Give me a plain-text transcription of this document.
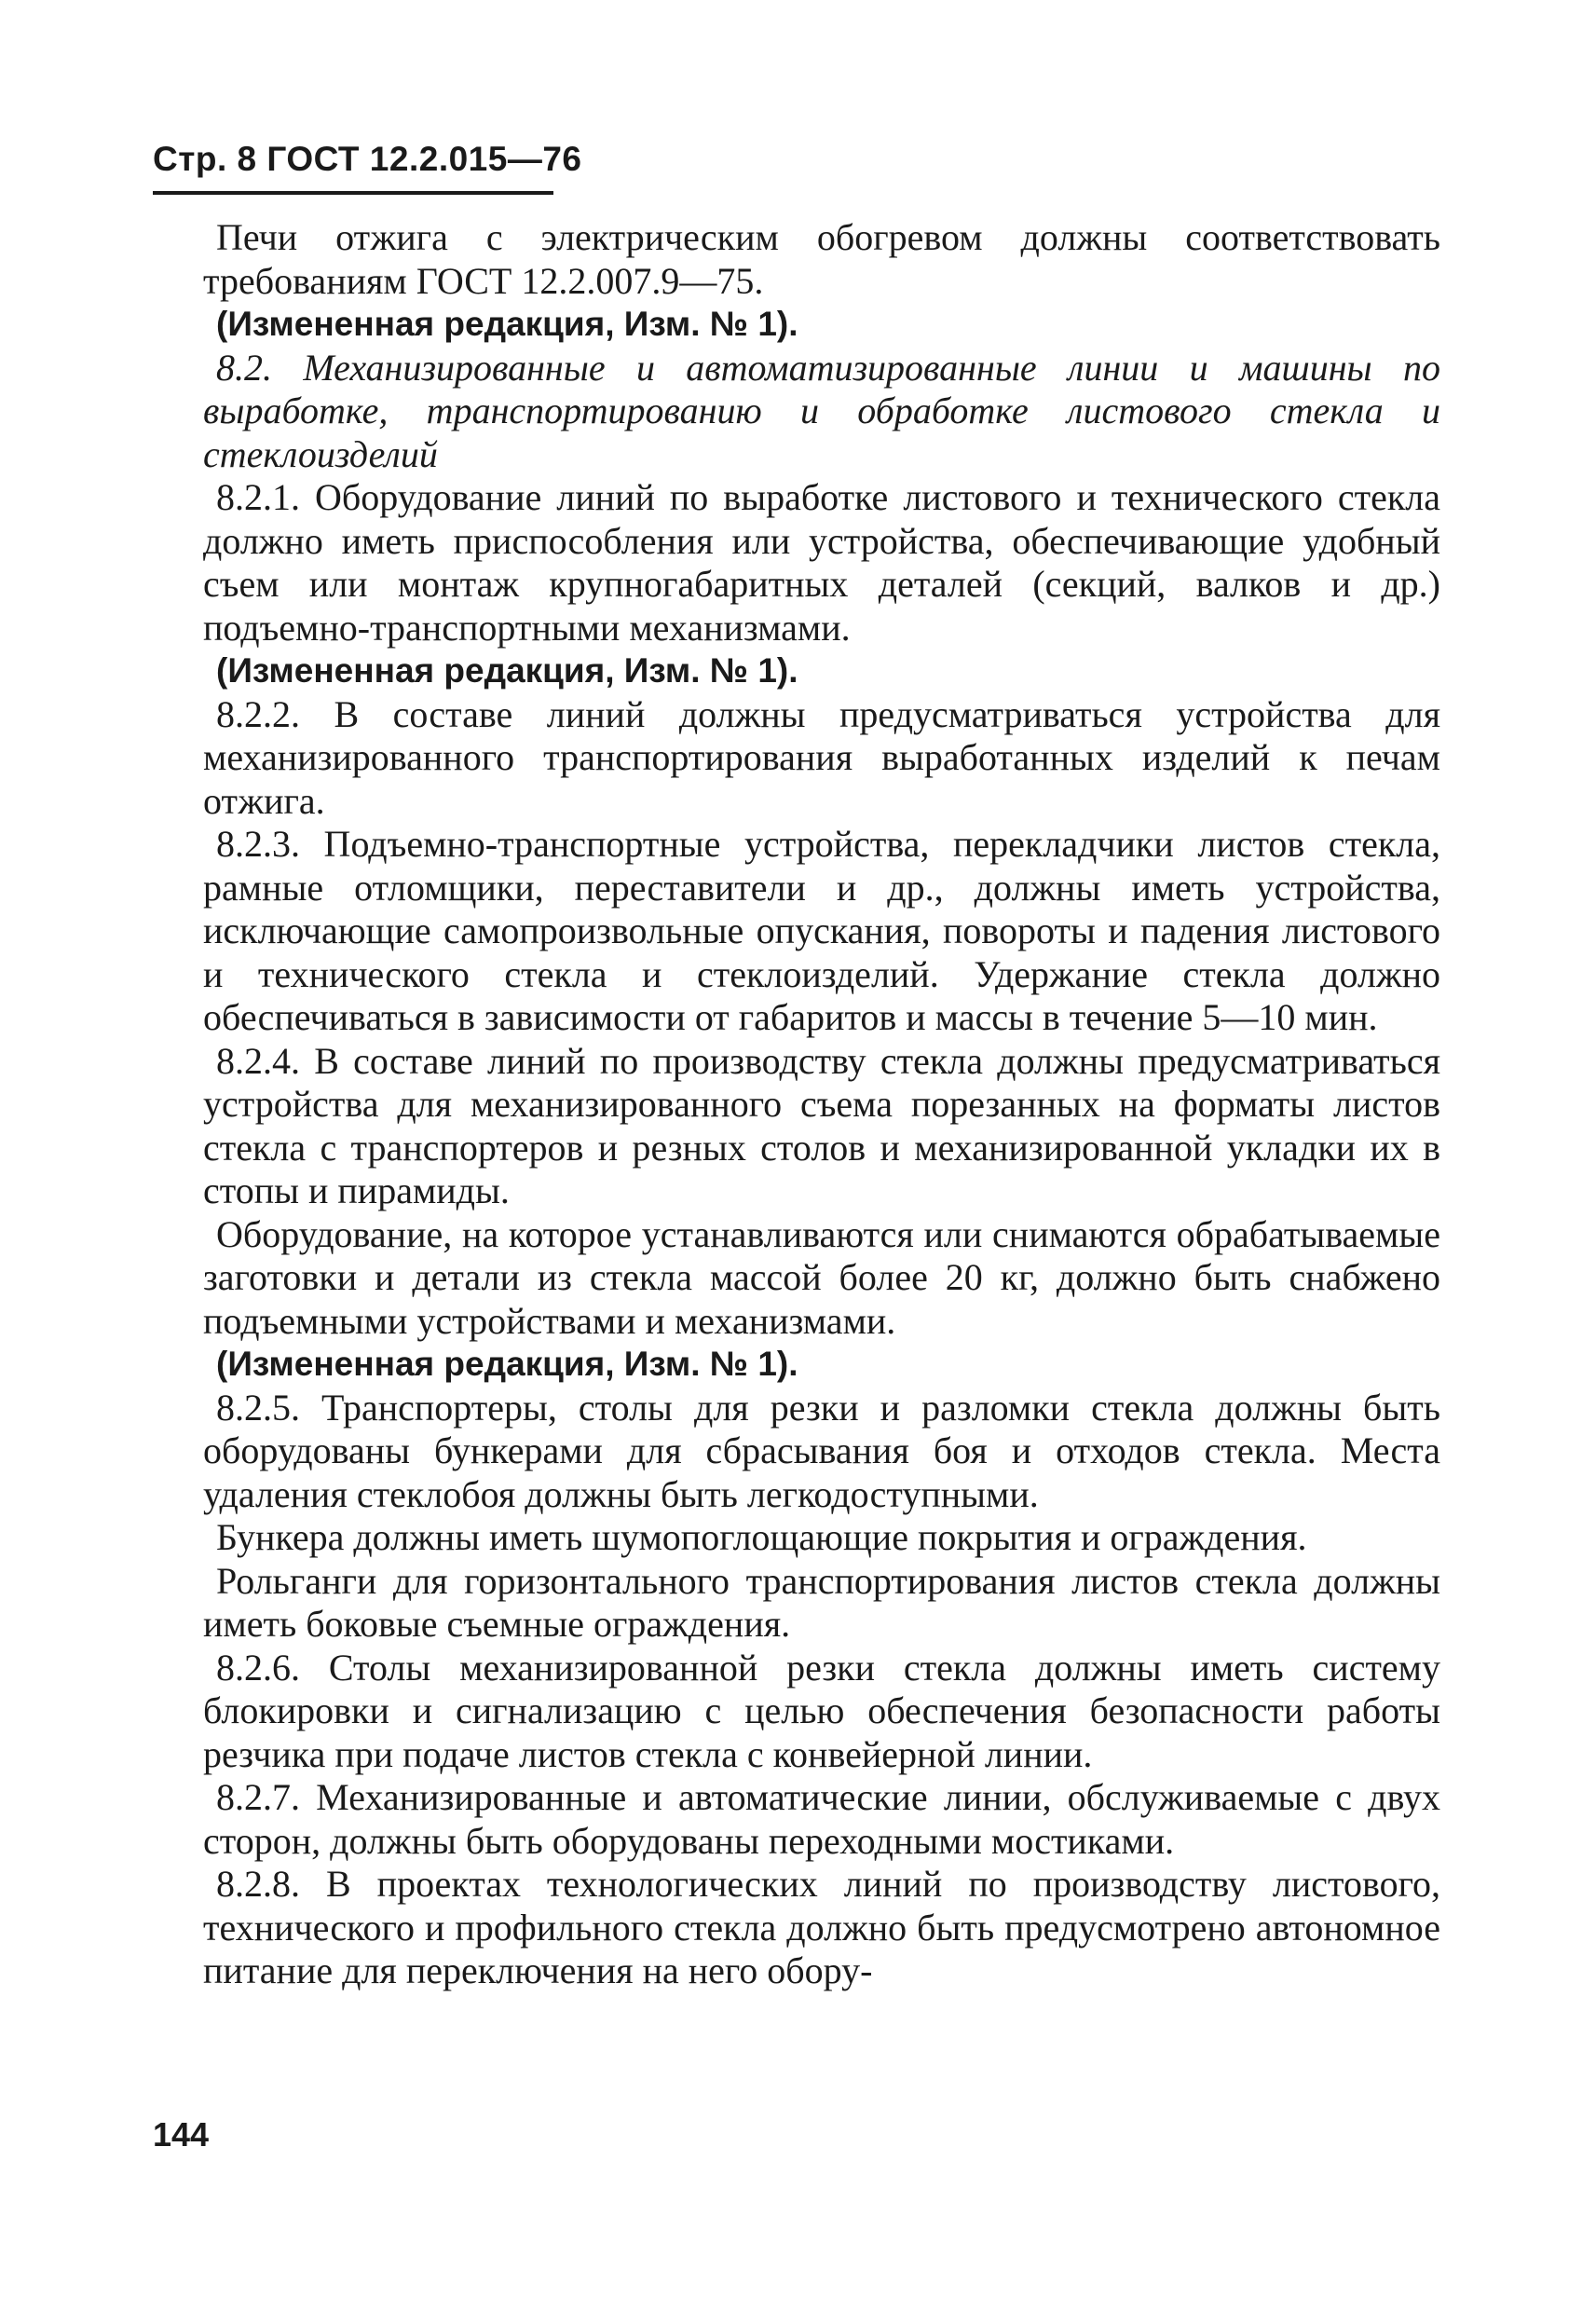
Стр. 8 ГОСТ 12.2.015—76

Печи отжига с электрическим обогревом должны соответствовать требованиям ГОСТ 12.2.007.9—75.

(Измененная редакция, Изм. № 1).

8.2. Механизированные и автоматизированные линии и машины по выработке, транспортированию и обработке листового стекла и стеклоизделий

8.2.1. Оборудование линий по выработке листового и технического стекла должно иметь приспособления или устройства, обеспечивающие удобный съем или монтаж крупногабаритных деталей (секций, валков и др.) подъемно-транспортными механизмами.

(Измененная редакция, Изм. № 1).

8.2.2. В составе линий должны предусматриваться устройства для механизированного транспортирования выработанных изделий к печам отжига.

8.2.3. Подъемно-транспортные устройства, перекладчики листов стекла, рамные отломщики, переставители и др., должны иметь устройства, исключающие самопроизвольные опускания, повороты и падения листового и технического стекла и стеклоизделий. Удержание стекла должно обеспечиваться в зависимости от габаритов и массы в течение 5—10 мин.

8.2.4. В составе линий по производству стекла должны предусматриваться устройства для механизированного съема порезанных на форматы листов стекла с транспортеров и резных столов и механизированной укладки их в стопы и пирамиды.

Оборудование, на которое устанавливаются или снимаются обрабатываемые заготовки и детали из стекла массой более 20 кг, должно быть снабжено подъемными устройствами и механизмами.

(Измененная редакция, Изм. № 1).

8.2.5. Транспортеры, столы для резки и разломки стекла должны быть оборудованы бункерами для сбрасывания боя и отходов стекла. Места удаления стеклобоя должны быть легкодоступными.

Бункера должны иметь шумопоглощающие покрытия и ограждения.

Рольганги для горизонтального транспортирования листов стекла должны иметь боковые съемные ограждения.

8.2.6. Столы механизированной резки стекла должны иметь систему блокировки и сигнализацию с целью обеспечения безопасности работы резчика при подаче листов стекла с конвейерной линии.

8.2.7. Механизированные и автоматические линии, обслуживаемые с двух сторон, должны быть оборудованы переходными мостиками.

8.2.8. В проектах технологических линий по производству листового, технического и профильного стекла должно быть предусмотрено автономное питание для переключения на него обору-

144
